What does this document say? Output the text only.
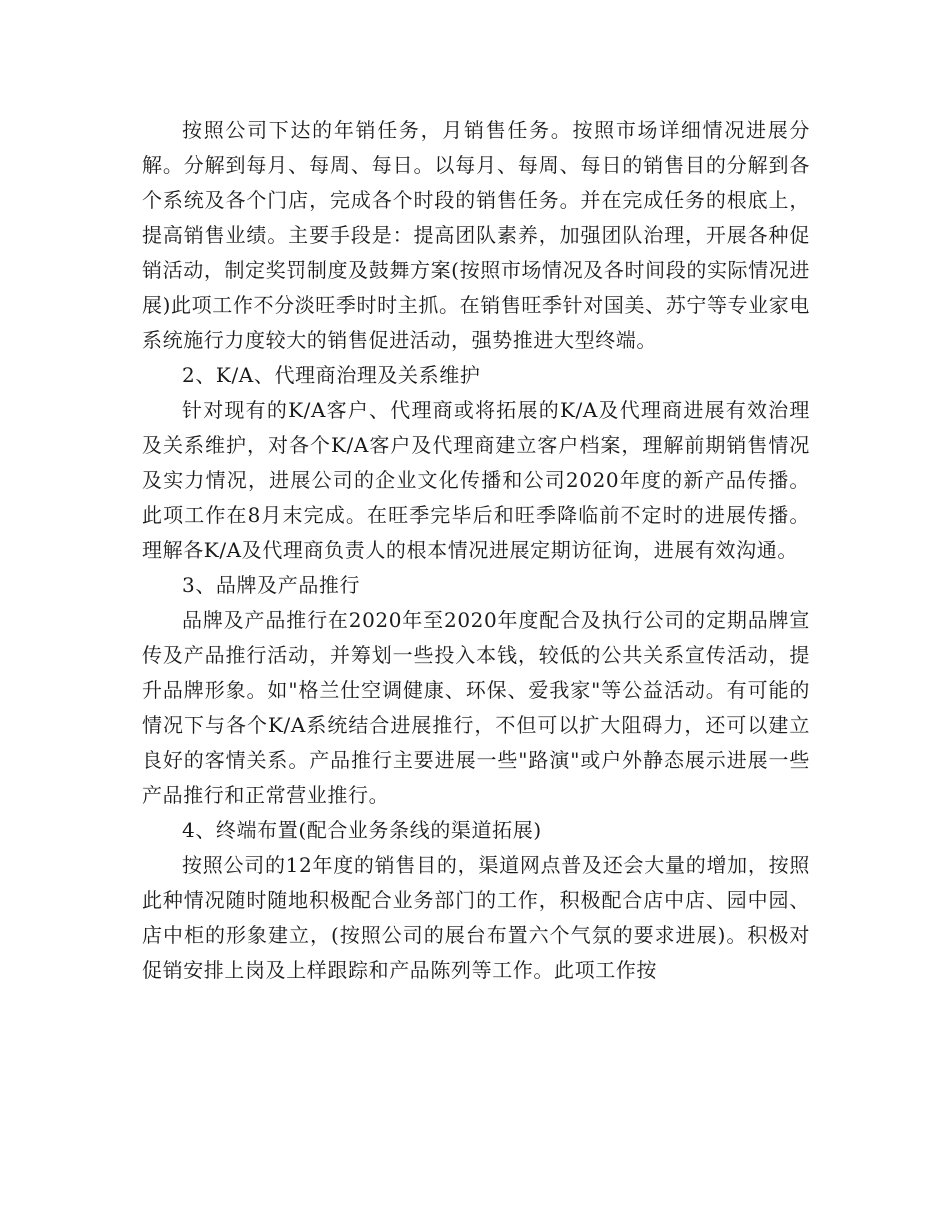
按照公司下达的年销任务，月销售任务。按照市场详细情况进展分解。分解到每月、每周、每日。以每月、每周、每日的销售目的分解到各个系统及各个门店，完成各个时段的销售任务。并在完成任务的根底上，提高销售业绩。主要手段是：提高团队素养，加强团队治理，开展各种促销活动，制定奖罚制度及鼓舞方案(按照市场情况及各时间段的实际情况进展)此项工作不分淡旺季时时主抓。在销售旺季针对国美、苏宁等专业家电系统施行力度较大的销售促进活动，强势推进大型终端。

2、K/A、代理商治理及关系维护

针对现有的K/A客户、代理商或将拓展的K/A及代理商进展有效治理及关系维护，对各个K/A客户及代理商建立客户档案，理解前期销售情况及实力情况，进展公司的企业文化传播和公司2020年度的新产品传播。此项工作在8月末完成。在旺季完毕后和旺季降临前不定时的进展传播。理解各K/A及代理商负责人的根本情况进展定期访征询，进展有效沟通。

3、品牌及产品推行

品牌及产品推行在2020年至2020年度配合及执行公司的定期品牌宣传及产品推行活动，并筹划一些投入本钱，较低的公共关系宣传活动，提升品牌形象。如"格兰仕空调健康、环保、爱我家"等公益活动。有可能的情况下与各个K/A系统结合进展推行，不但可以扩大阻碍力，还可以建立良好的客情关系。产品推行主要进展一些"路演"或户外静态展示进展一些产品推行和正常营业推行。

4、终端布置(配合业务条线的渠道拓展)

按照公司的12年度的销售目的，渠道网点普及还会大量的增加，按照此种情况随时随地积极配合业务部门的工作，积极配合店中店、园中园、店中柜的形象建立，(按照公司的展台布置六个气氛的要求进展)。积极对促销安排上岗及上样跟踪和产品陈列等工作。此项工作按
